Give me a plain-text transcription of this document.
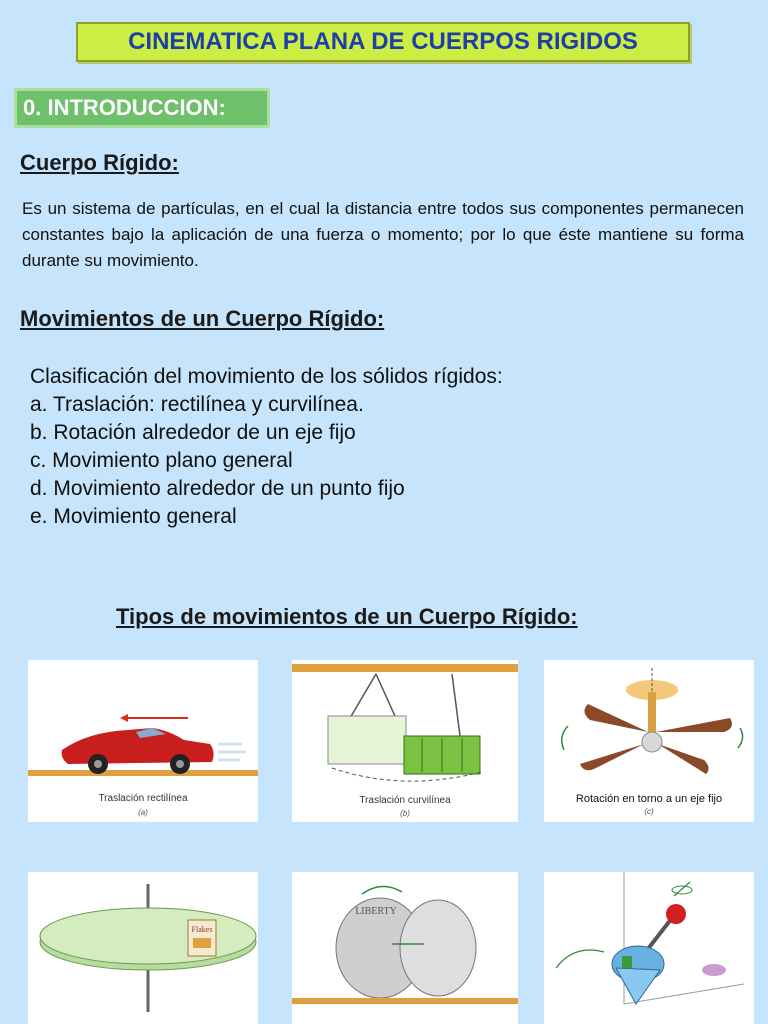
CINEMATICA PLANA DE CUERPOS RIGIDOS
0. INTRODUCCION:
Cuerpo Rígido:
Es un sistema de partículas, en el cual la distancia entre todos sus componentes permanecen constantes bajo la aplicación de una fuerza o momento; por lo que éste mantiene su forma durante su movimiento.
Movimientos de un Cuerpo Rígido:
Clasificación del movimiento de los sólidos rígidos:
a. Traslación: rectilínea y curvilínea.
b. Rotación alrededor de un eje fijo
c. Movimiento plano general
d. Movimiento alrededor de un punto fijo
e. Movimiento general
Tipos de movimientos de un Cuerpo Rígido:
Traslación rectilínea
(a)
Traslación curvilínea
(b)
Rotación en torno a un eje fijo
(c)
Flakes
LIBERTY
